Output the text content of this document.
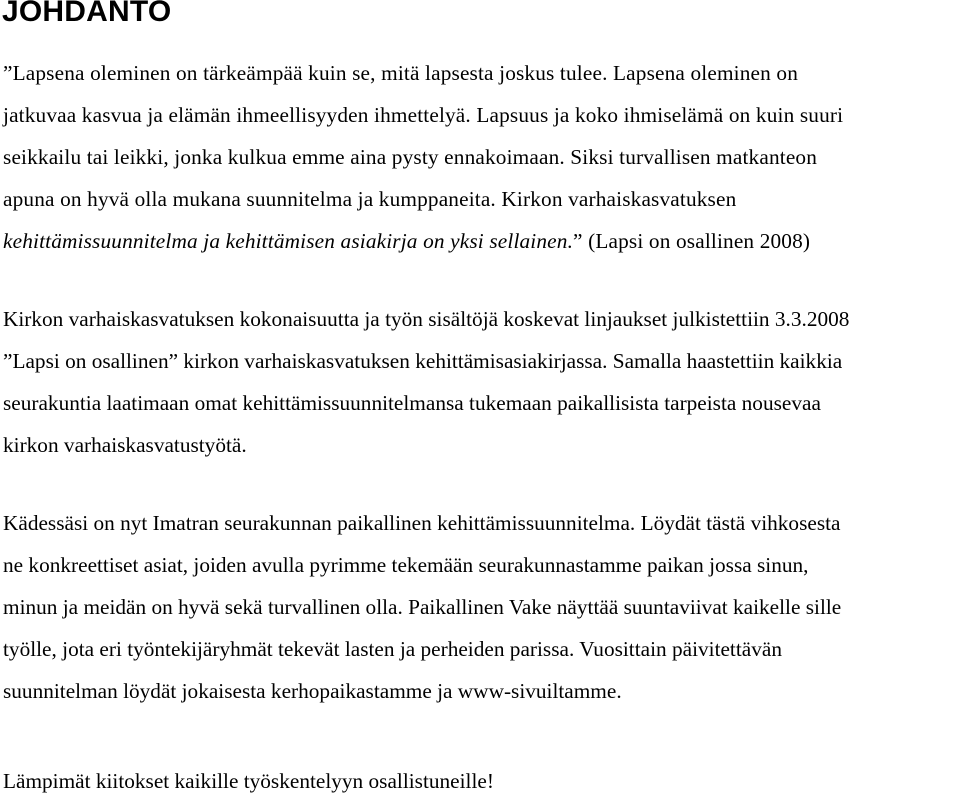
JOHDANTO

”Lapsena oleminen on tärkeämpää kuin se, mitä lapsesta joskus tulee. Lapsena oleminen on
jatkuvaa kasvua ja elämän ihmeellisyyden ihmettelyä. Lapsuus ja koko ihmiselämä on kuin suuri
seikkailu tai leikki, jonka kulkua emme aina pysty ennakoimaan. Siksi turvallisen matkanteon
apuna on hyvä olla mukana suunnitelma ja kumppaneita. Kirkon varhaiskasvatuksen
kehittämissuunnitelma ja kehittämisen asiakirja on yksi sellainen.” (Lapsi on osallinen 2008)

Kirkon varhaiskasvatuksen kokonaisuutta ja työn sisältöjä koskevat linjaukset julkistettiin 3.3.2008
”Lapsi on osallinen” kirkon varhaiskasvatuksen kehittämisasiakirjassa. Samalla haastettiin kaikkia
seurakuntia laatimaan omat kehittämissuunnitelmansa tukemaan paikallisista tarpeista nousevaa
kirkon varhaiskasvatustyötä.

Kädessäsi on nyt Imatran seurakunnan paikallinen kehittämissuunnitelma. Löydät tästä vihkosesta
ne konkreettiset asiat, joiden avulla pyrimme tekemään seurakunnastamme paikan jossa sinun,
minun ja meidän on hyvä sekä turvallinen olla. Paikallinen Vake näyttää suuntaviivat kaikelle sille
työlle, jota eri työntekijäryhmät tekevät lasten ja perheiden parissa. Vuosittain päivitettävän
suunnitelman löydät jokaisesta kerhopaikastamme ja www-sivuiltamme.

Lämpimät kiitokset kaikille työskentelyyn osallistuneille!
